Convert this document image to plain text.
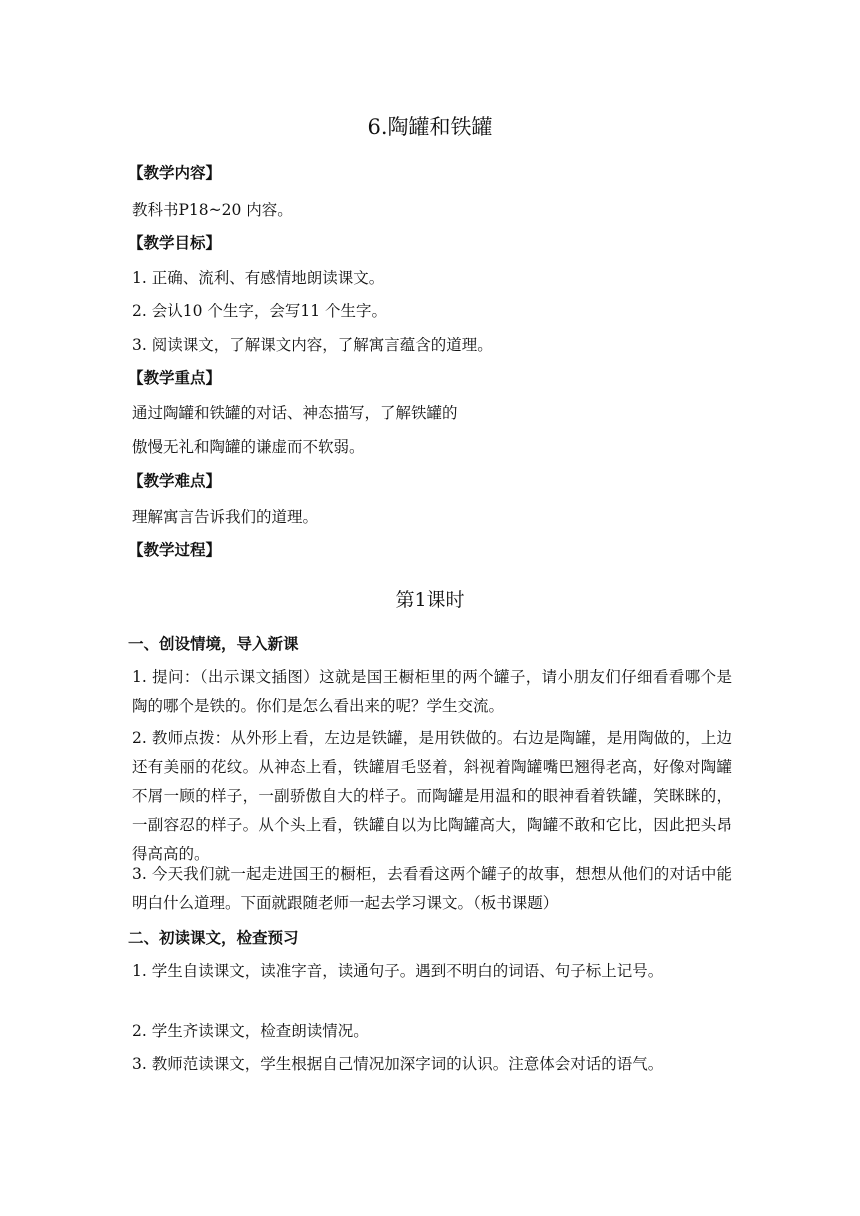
6.陶罐和铁罐
【教学内容】
教科书P18~20 内容。
【教学目标】
1. 正确、流利、有感情地朗读课文。
2. 会认10 个生字，会写11 个生字。
3. 阅读课文，了解课文内容，了解寓言蕴含的道理。
【教学重点】
通过陶罐和铁罐的对话、神态描写，了解铁罐的
傲慢无礼和陶罐的谦虚而不软弱。
【教学难点】
理解寓言告诉我们的道理。
【教学过程】
第1课时
一、创设情境，导入新课
1. 提问：（出示课文插图）这就是国王橱柜里的两个罐子，请小朋友们仔细看看哪个是陶的哪个是铁的。你们是怎么看出来的呢？学生交流。
2. 教师点拨：从外形上看，左边是铁罐，是用铁做的。右边是陶罐，是用陶做的，上边还有美丽的花纹。从神态上看，铁罐眉毛竖着，斜视着陶罐嘴巴翘得老高，好像对陶罐不屑一顾的样子，一副骄傲自大的样子。而陶罐是用温和的眼神看着铁罐，笑眯眯的，一副容忍的样子。从个头上看，铁罐自以为比陶罐高大，陶罐不敢和它比，因此把头昂得高高的。
3. 今天我们就一起走进国王的橱柜，去看看这两个罐子的故事，想想从他们的对话中能明白什么道理。下面就跟随老师一起去学习课文。（板书课题）
二、初读课文，检查预习
1. 学生自读课文，读准字音，读通句子。遇到不明白的词语、句子标上记号。
2. 学生齐读课文，检查朗读情况。
3. 教师范读课文，学生根据自己情况加深字词的认识。注意体会对话的语气。
